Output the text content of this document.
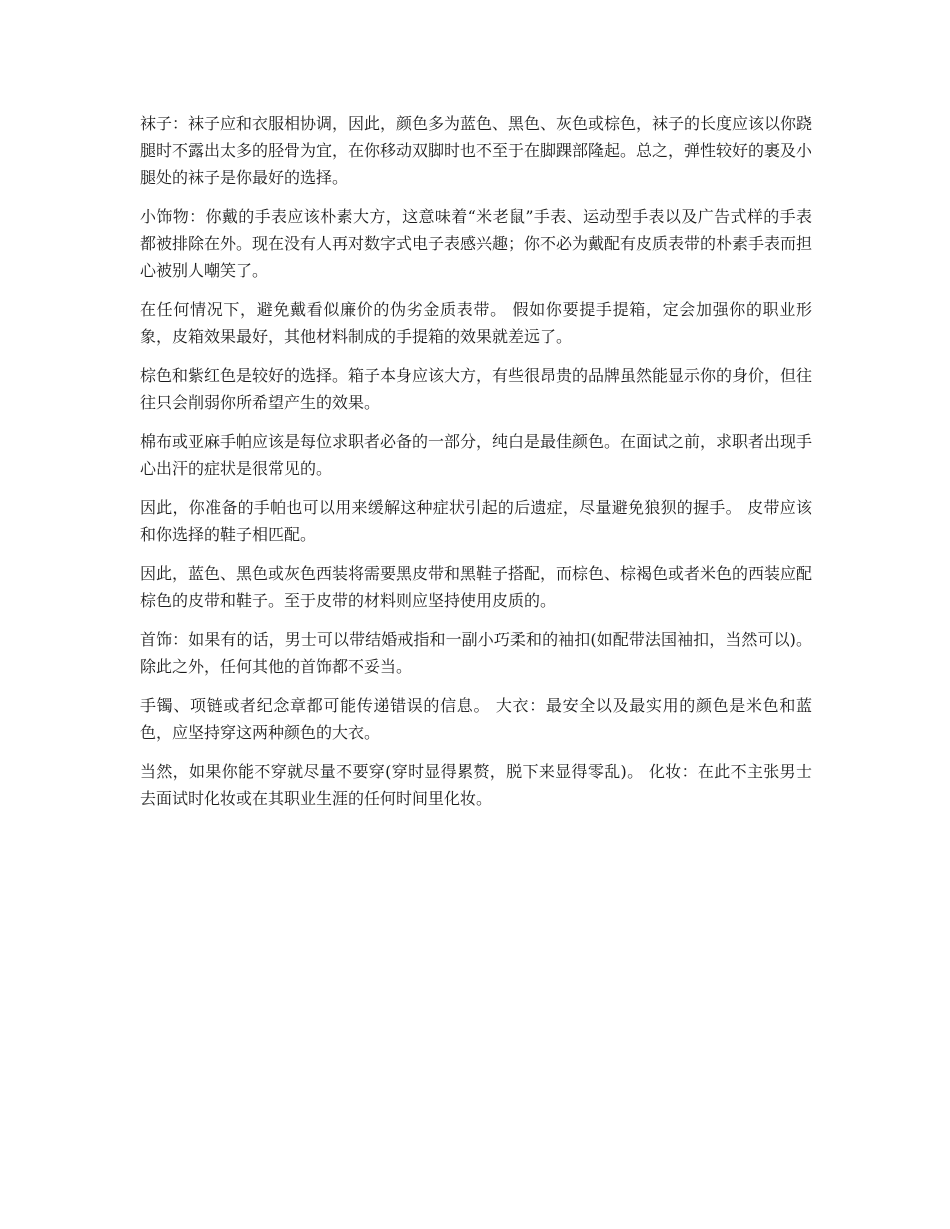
袜子：袜子应和衣服相协调，因此，颜色多为蓝色、黑色、灰色或棕色，袜子的长度应该以你跷腿时不露出太多的胫骨为宜，在你移动双脚时也不至于在脚踝部隆起。总之，弹性较好的裹及小腿处的袜子是你最好的选择。

小饰物：你戴的手表应该朴素大方，这意味着“米老鼠”手表、运动型手表以及广告式样的手表都被排除在外。现在没有人再对数字式电子表感兴趣；你不必为戴配有皮质表带的朴素手表而担心被别人嘲笑了。

在任何情况下，避免戴看似廉价的伪劣金质表带。 假如你要提手提箱，定会加强你的职业形象，皮箱效果最好，其他材料制成的手提箱的效果就差远了。

棕色和紫红色是较好的选择。箱子本身应该大方，有些很昂贵的品牌虽然能显示你的身价，但往往只会削弱你所希望产生的效果。

棉布或亚麻手帕应该是每位求职者必备的一部分，纯白是最佳颜色。在面试之前，求职者出现手心出汗的症状是很常见的。

因此，你准备的手帕也可以用来缓解这种症状引起的后遗症，尽量避免狼狈的握手。 皮带应该和你选择的鞋子相匹配。

因此，蓝色、黑色或灰色西装将需要黑皮带和黑鞋子搭配，而棕色、棕褐色或者米色的西装应配棕色的皮带和鞋子。至于皮带的材料则应坚持使用皮质的。

首饰：如果有的话，男士可以带结婚戒指和一副小巧柔和的袖扣(如配带法国袖扣，当然可以)。除此之外，任何其他的首饰都不妥当。

手镯、项链或者纪念章都可能传递错误的信息。 大衣：最安全以及最实用的颜色是米色和蓝色，应坚持穿这两种颜色的大衣。

当然，如果你能不穿就尽量不要穿(穿时显得累赘，脱下来显得零乱)。 化妆：在此不主张男士去面试时化妆或在其职业生涯的任何时间里化妆。
